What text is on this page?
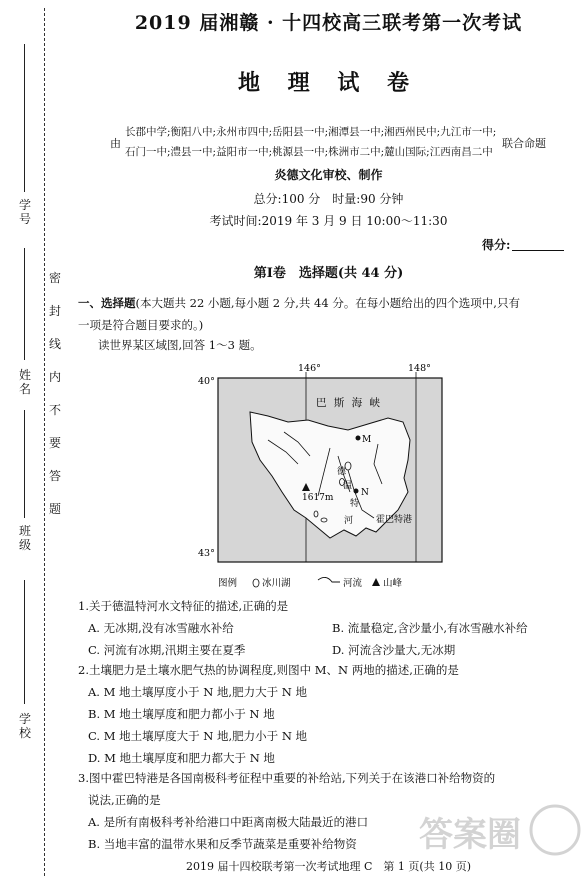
学 号
姓 名
班 级
学 校
密 封 线 内 不 要 答 题
2019 届湘赣 · 十四校高三联考第一次考试
地 理 试 卷
由
长郡中学;衡阳八中;永州市四中;岳阳县一中;湘潭县一中;湘西州民中;九江市一中;
石门一中;澧县一中;益阳市一中;桃源县一中;株洲市二中;麓山国际;江西南昌二中
联合命题
炎德文化审校、制作
总分:100 分　时量:90 分钟
考试时间:2019 年 3 月 9 日 10:00～11:30
得分:
第Ⅰ卷　选择题(共 44 分)
一、选择题(本大题共 22 小题,每小题 2 分,共 44 分。在每小题给出的四个选项中,只有
一项是符合题目要求的。)
读世界某区域图,回答 1～3 题。
146°	148°
40°
43°
巴 斯 海 峡
M
N
德
温
特
河
1617m
霍巴特港
图例	冰川湖	河流 山峰
1.关于德温特河水文特征的描述,正确的是
A. 无冰期,没有冰雪融水补给	B. 流量稳定,含沙量小,有冰雪融水补给
C. 河流有冰期,汛期主要在夏季	D. 河流含沙量大,无冰期
2.土壤肥力是土壤水肥气热的协调程度,则图中 M、N 两地的描述,正确的是
A. M 地土壤厚度小于 N 地,肥力大于 N 地
B. M 地土壤厚度和肥力都小于 N 地
C. M 地土壤厚度大于 N 地,肥力小于 N 地
D. M 地土壤厚度和肥力都大于 N 地
3.图中霍巴特港是各国南极科考征程中重要的补给站,下列关于在该港口补给物资的
说法,正确的是
A. 是所有南极科考补给港口中距离南极大陆最近的港口
B. 当地丰富的温带水果和反季节蔬菜是重要补给物资 答案圈
2019 届十四校联考第一次考试地理 C　第 1 页(共 10 页)
